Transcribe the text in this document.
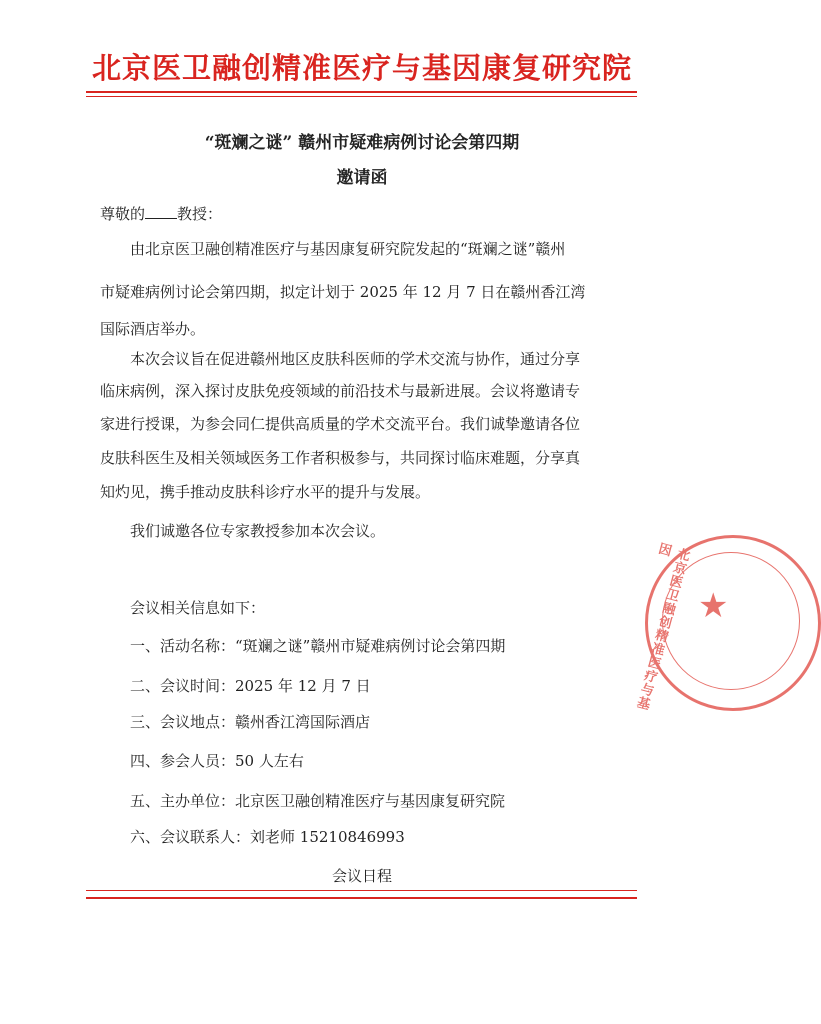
北京医卫融创精准医疗与基因康复研究院
“斑斓之谜” 赣州市疑难病例讨论会第四期
邀请函
尊敬的 教授：
　　由北京医卫融创精准医疗与基因康复研究院发起的“斑斓之谜”赣州
市疑难病例讨论会第四期，拟定计划于 2025 年 12 月 7 日在赣州香江湾
国际酒店举办。
　　本次会议旨在促进赣州地区皮肤科医师的学术交流与协作，通过分享
临床病例，深入探讨皮肤免疫领域的前沿技术与最新进展。会议将邀请专
家进行授课，为参会同仁提供高质量的学术交流平台。我们诚挚邀请各位
皮肤科医生及相关领域医务工作者积极参与，共同探讨临床难题，分享真
知灼见，携手推动皮肤科诊疗水平的提升与发展。
　　我们诚邀各位专家教授参加本次会议。
　　会议相关信息如下：
　　一、活动名称：“斑斓之谜”赣州市疑难病例讨论会第四期
　　二、会议时间：2025 年 12 月 7 日
　　三、会议地点：赣州香江湾国际酒店
　　四、参会人员：50 人左右
　　五、主办单位：北京医卫融创精准医疗与基因康复研究院
　　六、会议联系人：刘老师 15210846993
会议日程
★
北京医卫融创精准医疗与基因
